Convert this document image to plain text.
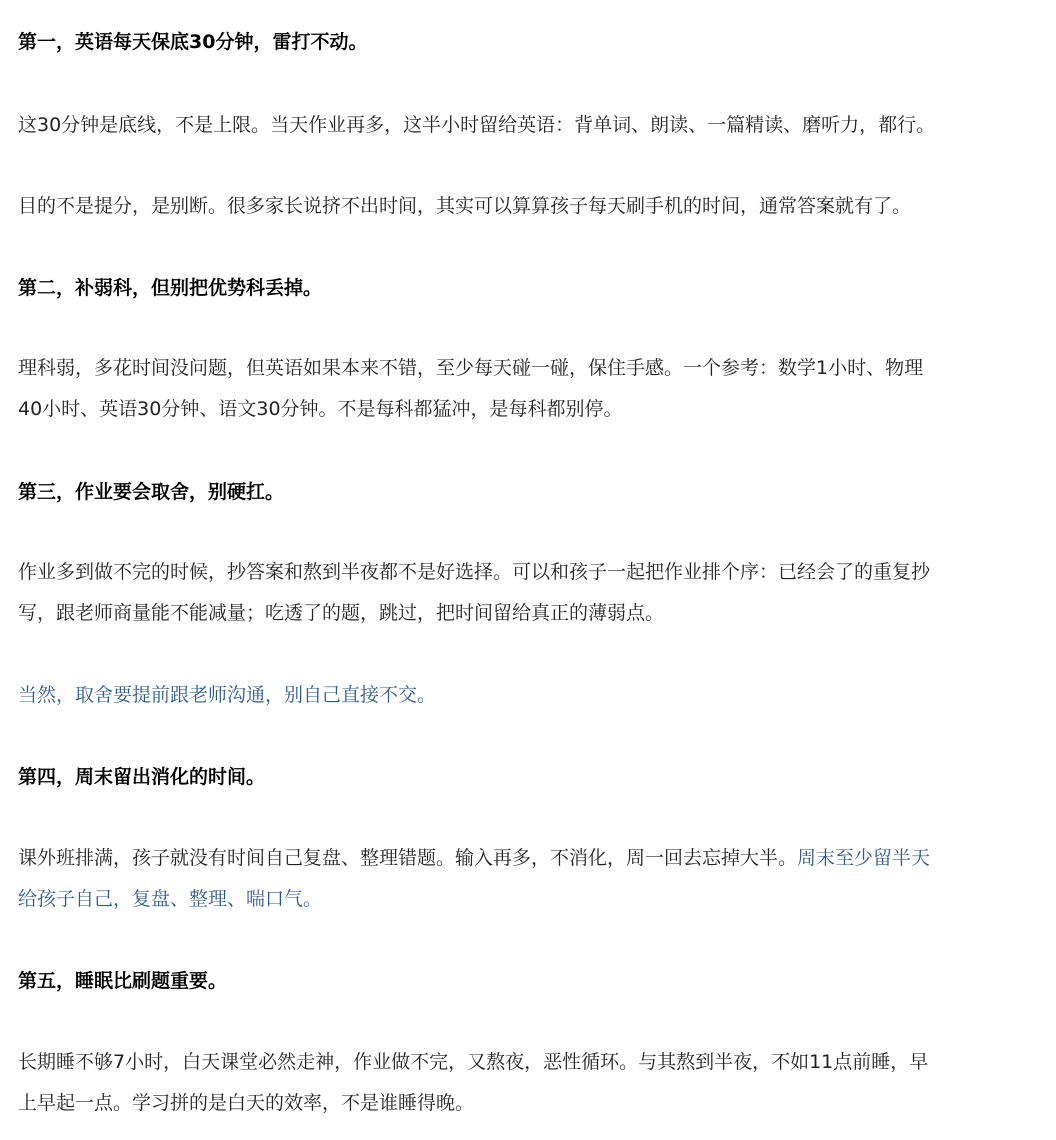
第一，英语每天保底30分钟，雷打不动。
这30分钟是底线，不是上限。当天作业再多，这半小时留给英语：背单词、朗读、一篇精读、磨听力，都行。
目的不是提分，是别断。很多家长说挤不出时间，其实可以算算孩子每天刷手机的时间，通常答案就有了。
第二，补弱科，但别把优势科丢掉。
理科弱，多花时间没问题，但英语如果本来不错，至少每天碰一碰，保住手感。一个参考：数学1小时、物理
40小时、英语30分钟、语文30分钟。不是每科都猛冲，是每科都别停。
第三，作业要会取舍，别硬扛。
作业多到做不完的时候，抄答案和熬到半夜都不是好选择。可以和孩子一起把作业排个序：已经会了的重复抄
写，跟老师商量能不能减量；吃透了的题，跳过，把时间留给真正的薄弱点。
当然，取舍要提前跟老师沟通，别自己直接不交。
第四，周末留出消化的时间。
课外班排满，孩子就没有时间自己复盘、整理错题。输入再多，不消化，周一回去忘掉大半。周末至少留半天
给孩子自己，复盘、整理、喘口气。
第五，睡眠比刷题重要。
长期睡不够7小时，白天课堂必然走神，作业做不完，又熬夜，恶性循环。与其熬到半夜，不如11点前睡，早
上早起一点。学习拼的是白天的效率，不是谁睡得晚。
